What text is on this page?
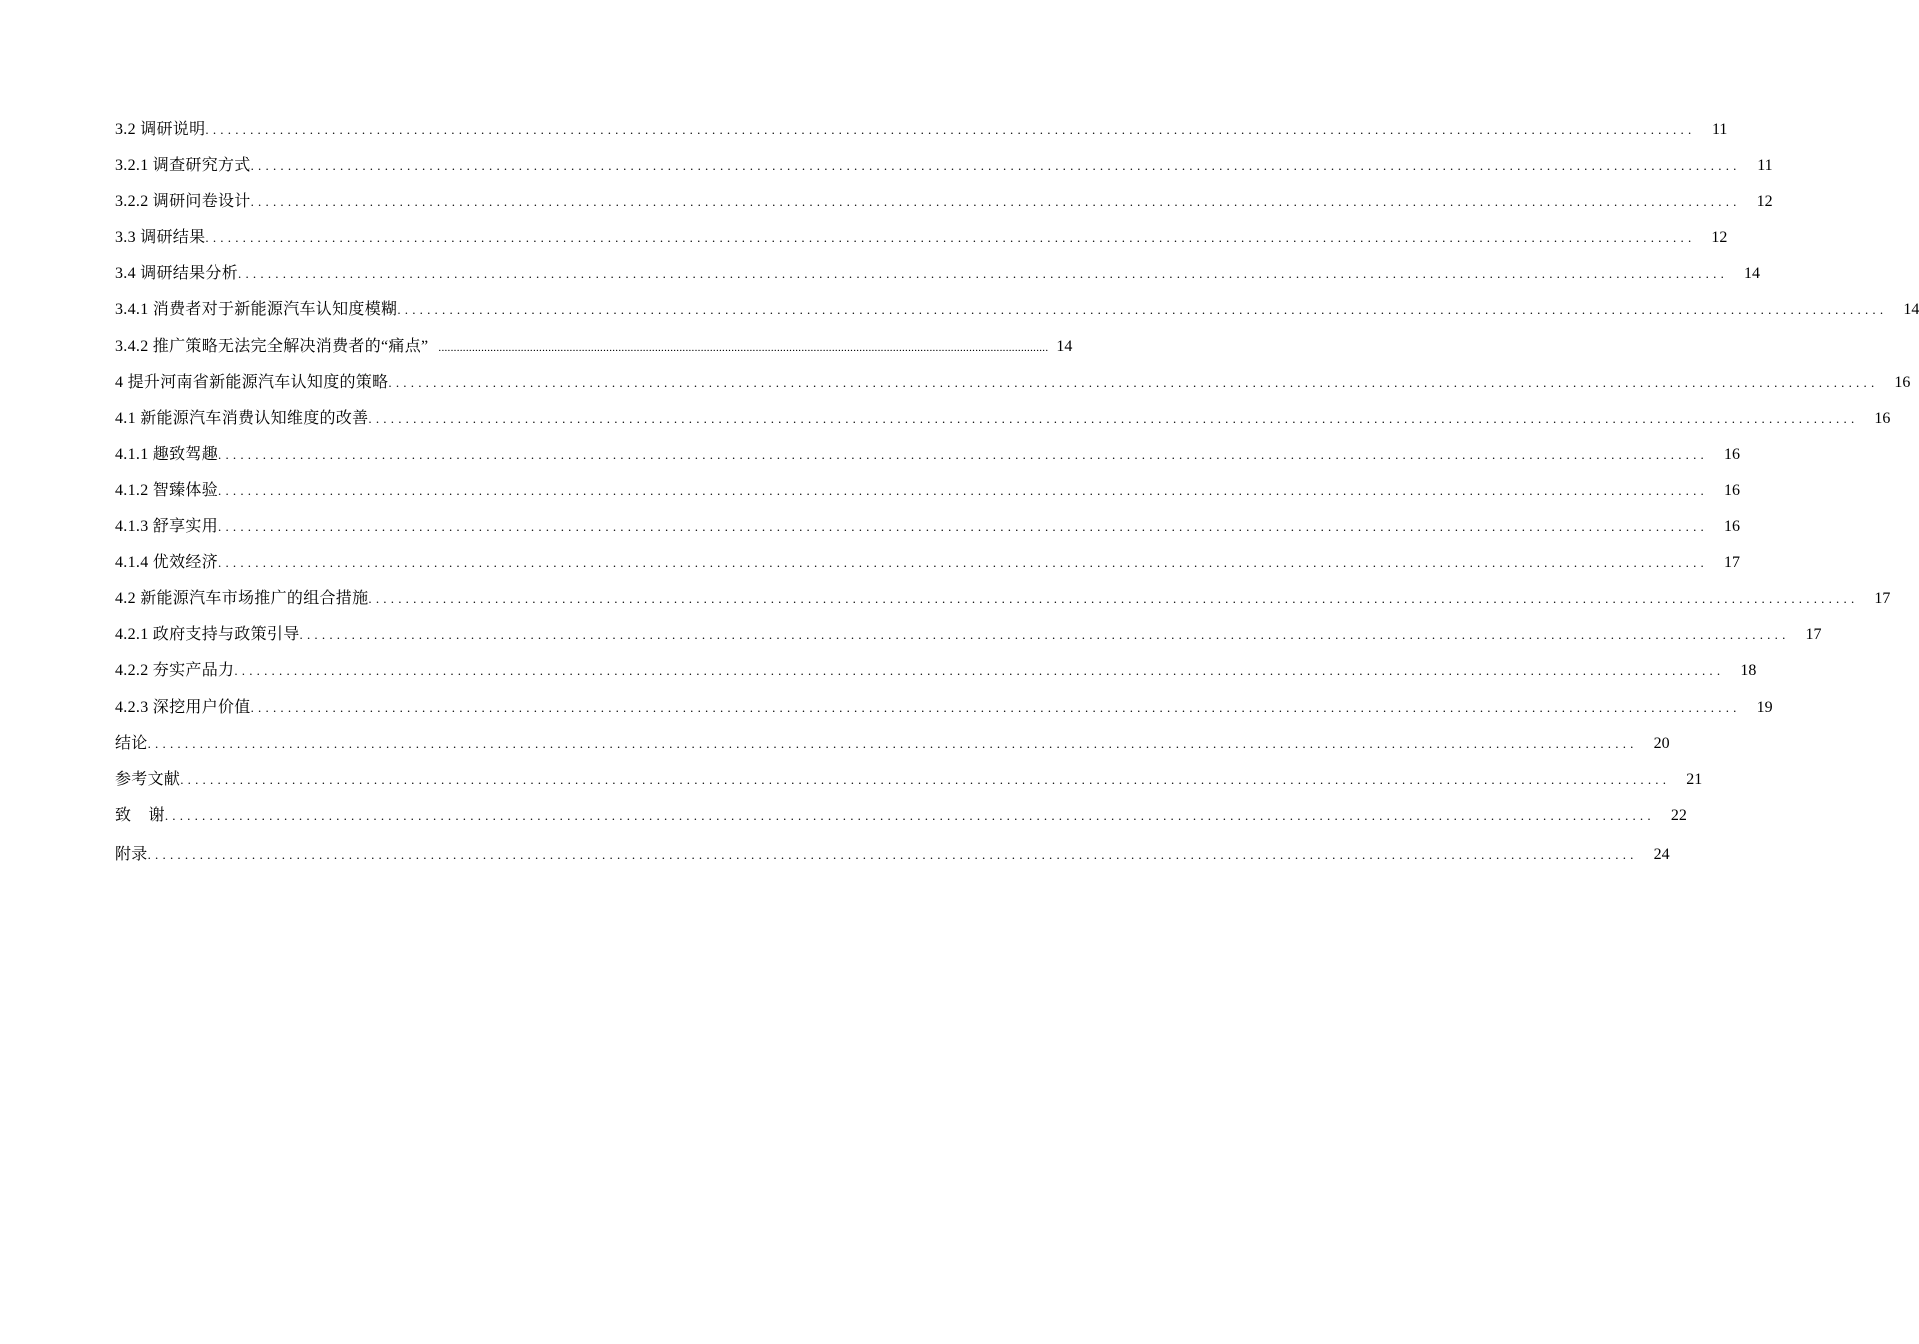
3.2 调研说明 ........................................................................................................................................................................................................	11
3.2.1 调查研究方式 ........................................................................................................................................................................................................	11
3.2.2 调研问卷设计 ........................................................................................................................................................................................................	12
3.3 调研结果 ........................................................................................................................................................................................................	12
3.4 调研结果分析 ........................................................................................................................................................................................................	14
3.4.1 消费者对于新能源汽车认知度模糊 ........................................................................................................................................................................................................	14
3.4.2 推广策略无法完全解决消费者的“痛点” ........................................................................................................................................................................................................ 14
4 提升河南省新能源汽车认知度的策略 ........................................................................................................................................................................................................	16
4.1 新能源汽车消费认知维度的改善 ........................................................................................................................................................................................................	16
4.1.1 趣致驾趣 ........................................................................................................................................................................................................	16
4.1.2 智臻体验 ........................................................................................................................................................................................................	16
4.1.3 舒享实用 ........................................................................................................................................................................................................	16
4.1.4 优效经济 ........................................................................................................................................................................................................	17
4.2 新能源汽车市场推广的组合措施 ........................................................................................................................................................................................................	17
4.2.1 政府支持与政策引导 ........................................................................................................................................................................................................	17
4.2.2 夯实产品力 ........................................................................................................................................................................................................	18
4.2.3 深挖用户价值 ........................................................................................................................................................................................................	19
结论 ........................................................................................................................................................................................................	20
参考文献 ........................................................................................................................................................................................................	21
致    谢 ........................................................................................................................................................................................................	22
附录 ........................................................................................................................................................................................................	24
